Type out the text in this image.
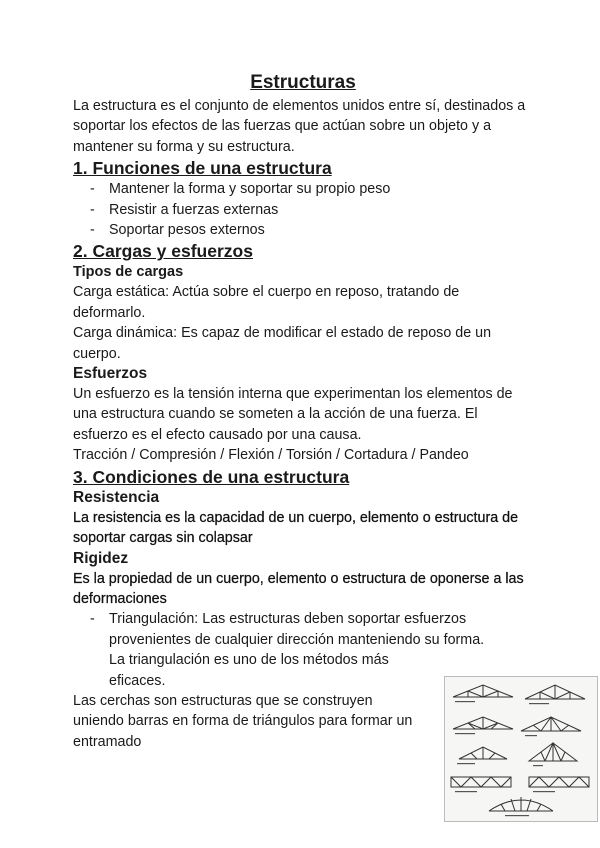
Estructuras

La estructura es el conjunto de elementos unidos entre sí, destinados a soportar los efectos de las fuerzas que actúan sobre un objeto y a mantener su forma y su estructura.

1. Funciones de una estructura
- Mantener la forma y soportar su propio peso
- Resistir a fuerzas externas
- Soportar pesos externos
2. Cargas y esfuerzos
Tipos de cargas

Carga estática: Actúa sobre el cuerpo en reposo, tratando de deformarlo.

Carga dinámica: Es capaz de modificar el estado de reposo de un cuerpo.

Esfuerzos

Un esfuerzo es la tensión interna que experimentan los elementos de una estructura cuando se someten a la acción de una fuerza. El esfuerzo es el efecto causado por una causa.

Tracción / Compresión / Flexión / Torsión / Cortadura / Pandeo

3. Condiciones de una estructura
Resistencia

La resistencia es la capacidad de un cuerpo, elemento o estructura de soportar cargas sin colapsar

Rigidez

Es la propiedad de un cuerpo, elemento o estructura de oponerse a las deformaciones

- Triangulación: Las estructuras deben soportar esfuerzos
provenientes de cualquier dirección manteniendo su forma.
La triangulación es uno de los métodos más
eficaces.

Las cerchas son estructuras que se construyen uniendo barras en forma de triángulos para formar un entramado
